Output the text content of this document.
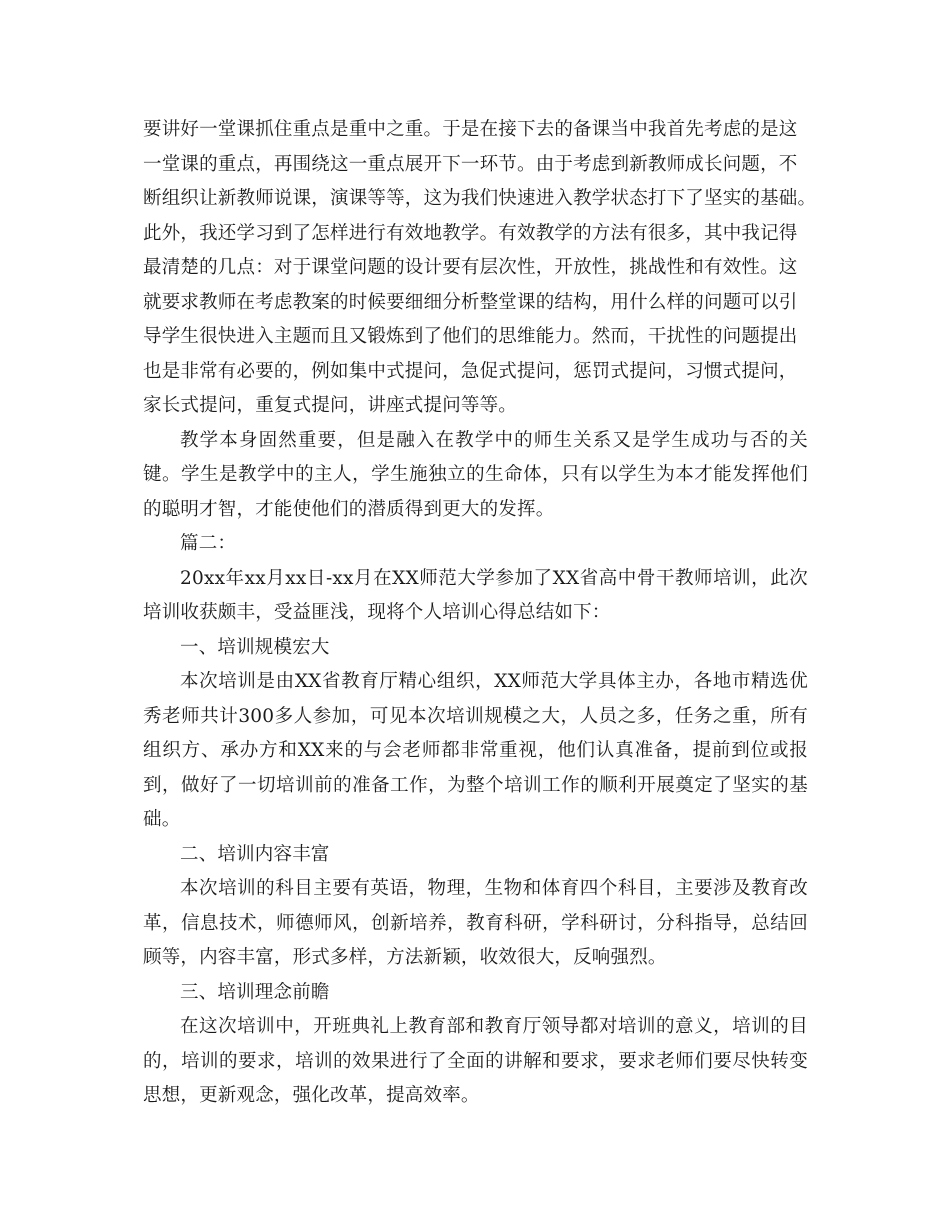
要讲好一堂课抓住重点是重中之重。于是在接下去的备课当中我首先考虑的是这

一堂课的重点，再围绕这一重点展开下一环节。由于考虑到新教师成长问题，不

断组织让新教师说课，演课等等，这为我们快速进入教学状态打下了坚实的基础。

此外，我还学习到了怎样进行有效地教学。有效教学的方法有很多，其中我记得

最清楚的几点：对于课堂问题的设计要有层次性，开放性，挑战性和有效性。这

就要求教师在考虑教案的时候要细细分析整堂课的结构，用什么样的问题可以引

导学生很快进入主题而且又锻炼到了他们的思维能力。然而，干扰性的问题提出

也是非常有必要的，例如集中式提问，急促式提问，惩罚式提问，习惯式提问，

家长式提问，重复式提问，讲座式提问等等。

教学本身固然重要，但是融入在教学中的师生关系又是学生成功与否的关键。学生是教学中的主人，学生施独立的生命体，只有以学生为本才能发挥他们的聪明才智，才能使他们的潜质得到更大的发挥。

篇二：

20xx年xx月xx日-xx月在XX师范大学参加了XX省高中骨干教师培训，此次培训收获颇丰，受益匪浅，现将个人培训心得总结如下：

一、培训规模宏大

本次培训是由XX省教育厅精心组织，XX师范大学具体主办，各地市精选优秀老师共计300多人参加，可见本次培训规模之大，人员之多，任务之重，所有组织方、承办方和XX来的与会老师都非常重视，他们认真准备，提前到位或报到，做好了一切培训前的准备工作，为整个培训工作的顺利开展奠定了坚实的基础。

二、培训内容丰富

本次培训的科目主要有英语，物理，生物和体育四个科目，主要涉及教育改革，信息技术，师德师风，创新培养，教育科研，学科研讨，分科指导，总结回顾等，内容丰富，形式多样，方法新颖，收效很大，反响强烈。

三、培训理念前瞻

在这次培训中，开班典礼上教育部和教育厅领导都对培训的意义，培训的目的，培训的要求，培训的效果进行了全面的讲解和要求，要求老师们要尽快转变思想，更新观念，强化改革，提高效率。
